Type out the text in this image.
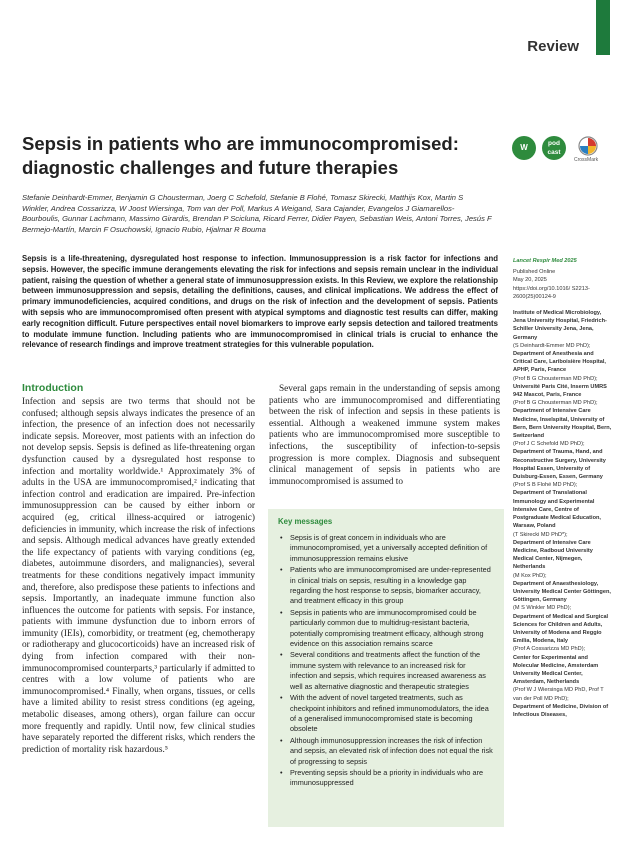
Review
Sepsis in patients who are immunocompromised: diagnostic challenges and future therapies
W	pod cast
CrossMark

Stefanie Deinhardt-Emmer, Benjamin G Chousterman, Joerg C Schefold, Stefanie B Flohé, Tomasz Skirecki, Matthijs Kox, Martin S Winkler, Andrea Cossarizza, W Joost Wiersinga, Tom van der Poll, Markus A Weigand, Sara Cajander, Evangelos J Giamarellos-Bourboulis, Gunnar Lachmann, Massimo Girardis, Brendan P Scicluna, Ricard Ferrer, Didier Payen, Sebastian Weis, Antoni Torres, Jesús F Bermejo-Martín, Marcin F Osuchowski, Ignacio Rubio, Hjalmar R Bouma

Sepsis is a life-threatening, dysregulated host response to infection. Immunosuppression is a risk factor for infections and sepsis. However, the specific immune derangements elevating the risk for infections and sepsis remain unclear in the individual patient, raising the question of whether a general state of immunosuppression exists. In this Review, we explore the relationship between immunosuppression and sepsis, detailing the definitions, causes, and clinical implications. We address the effect of primary immunodeficiencies, acquired conditions, and drugs on the risk of infection and the development of sepsis. Patients with sepsis who are immunocompromised often present with atypical symptoms and diagnostic test results can differ, making early recognition difficult. Future perspectives entail novel biomarkers to improve early sepsis detection and tailored treatments to modulate immune function. Including patients who are immunocompromised in clinical trials is crucial to enhance the relevance of research findings and improve treatment strategies for this vulnerable population.

Introduction

Infection and sepsis are two terms that should not be confused; although sepsis always indicates the presence of an infection, the presence of an infection does not necessarily indicate sepsis. Moreover, most patients with an infection do not develop sepsis. Sepsis is defined as life-threatening organ dysfunction caused by a dysregulated host response to infection and mortality worldwide.¹ Approximately 3% of adults in the USA are immunocompromised,² indicating that infection control and eradication are impaired. Pre-infection immunosuppression can be caused by either inborn or acquired (eg, critical illness-acquired or iatrogenic) deficiencies in immunity, which increase the risk of infections and sepsis. Although medical advances have greatly extended the life expectancy of patients with varying conditions (eg, diabetes, autoimmune disorders, and malignancies), several treatments for these conditions negatively impact immunity and, therefore, also predispose these patients to infections and sepsis. Importantly, an inadequate immune function also influences the outcome for patients with sepsis. For instance, patients with immune dysfunction due to inborn errors of immunity (IEIs), comorbidity, or treatment (eg, chemotherapy or radiotherapy and glucocorticoids) have an increased risk of dying from infection compared with their non-immunocompromised counterparts,³ particularly if admitted to centres with a low volume of patients who are immunocompromised.⁴ Finally, when organs, tissues, or cells have a limited ability to resist stress conditions (eg ageing, metabolic diseases, among others), organ failure can occur more frequently and rapidly. Until now, few clinical studies have separately reported the different risks, which renders the prediction of mortality risk hazardous.⁵

Several gaps remain in the understanding of sepsis among patients who are immunocompromised and differentiating between the risk of infection and sepsis in these patients is essential. Although a weakened immune system makes patients who are immunocompromised more susceptible to infections, the susceptibility of infection-to-sepsis progression is more complex. Diagnosis and subsequent clinical management of sepsis in patients who are immunocompromised is assumed to

Key messages
• Sepsis is of great concern in individuals who are immunocompromised, yet a universally accepted definition of immunosuppression remains elusive
• Patients who are immunocompromised are under-represented in clinical trials on sepsis, resulting in a knowledge gap regarding the host response to sepsis, biomarker accuracy, and treatment efficacy in this group
• Sepsis in patients who are immunocompromised could be particularly common due to multidrug-resistant bacteria, potentially compromising treatment efficacy, although strong evidence on this association remains scarce
• Several conditions and treatments affect the function of the immune system with relevance to an increased risk for infection and sepsis, which requires increased awareness as well as alternative diagnostic and therapeutic strategies
• With the advent of novel targeted treatments, such as checkpoint inhibitors and refined immunomodulators, the idea of a generalised immunocompromised state is becoming obsolete
• Although immunosuppression increases the risk of infection and sepsis, an elevated risk of infection does not equal the risk of progressing to sepsis
• Preventing sepsis should be a priority in individuals who are immunosuppressed
Lancet Respir Med 2025
Published Online
May 20, 2025
https://doi.org/10.1016/ S2213-2600(25)00124-9
Institute of Medical Microbiology, Jena University Hospital, Friedrich-Schiller University Jena, Jena, Germany
(S Deinhardt-Emmer MD PhD);
Department of Anesthesia and Critical Care, Lariboisière Hospital, APHP, Paris, France
(Prof B G Chousterman MD PhD);
Université Paris Cité, Inserm UMRS 942 Mascot, Paris, France
(Prof B G Chousterman MD PhD);
Department of Intensive Care Medicine, Inselspital, University of Bern, Bern University Hospital, Bern, Switzerland
(Prof J C Schefold MD PhD);
Department of Trauma, Hand, and Reconstructive Surgery, University Hospital Essen, University of Duisburg-Essen, Essen, Germany
(Prof S B Flohé MD PhD);
Department of Translational Immunology and Experimental Intensive Care, Centre of Postgraduate Medical Education, Warsaw, Poland
(T Skirecki MD PhD*);
Department of Intensive Care Medicine, Radboud University Medical Center, Nijmegen, Netherlands
(M Kox PhD);
Department of Anaesthesiology, University Medical Center Göttingen, Göttingen, Germany
(M S Winkler MD PhD);
Department of Medical and Surgical Sciences for Children and Adults, University of Modena and Reggio Emilia, Modena, Italy
(Prof A Cossarizza MD PhD);
Center for Experimental and Molecular Medicine, Amsterdam University Medical Center, Amsterdam, Netherlands
(Prof W J Wiersinga MD PhD, Prof T van der Poll MD PhD);
Department of Medicine, Division of Infectious Diseases,
